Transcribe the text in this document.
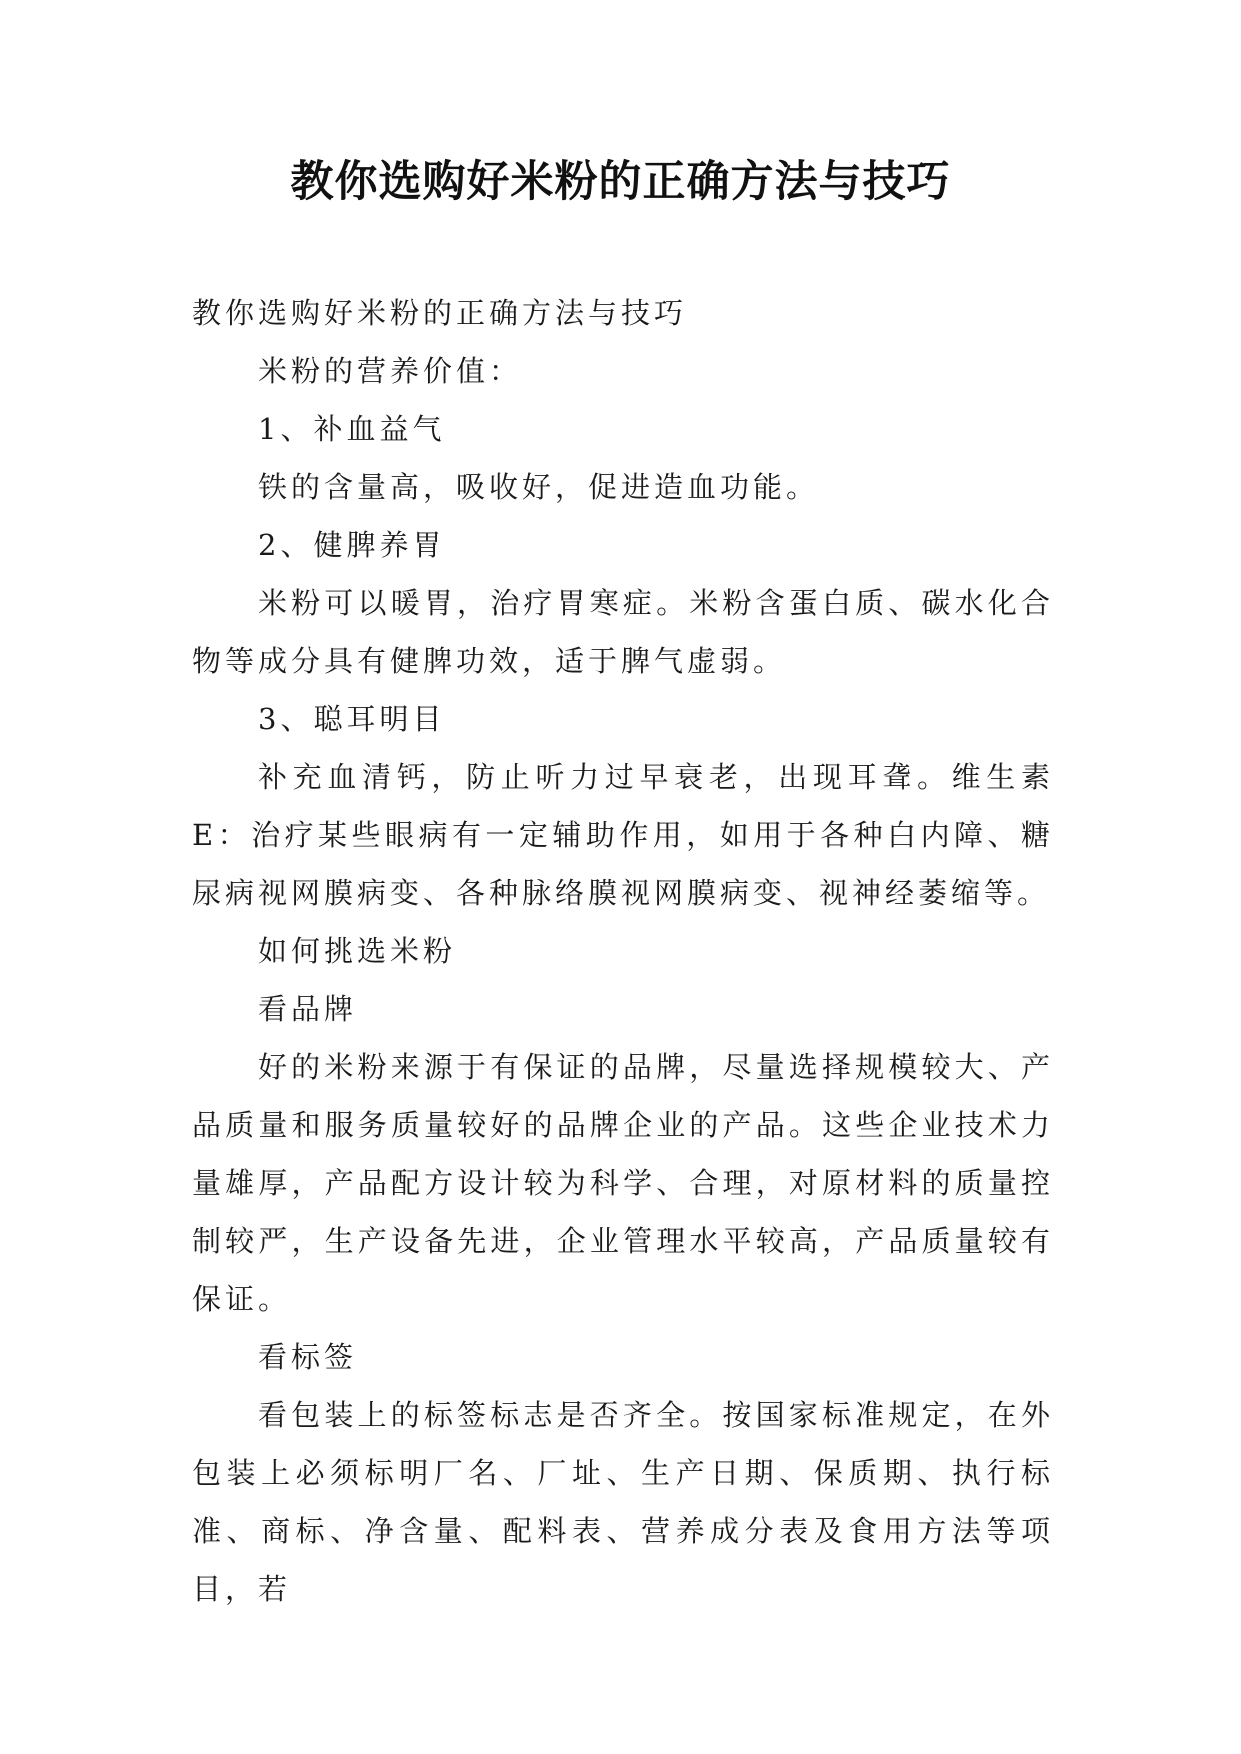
教你选购好米粉的正确方法与技巧

教你选购好米粉的正确方法与技巧

米粉的营养价值：

1、补血益气

铁的含量高，吸收好，促进造血功能。

2、健脾养胃

米粉可以暖胃，治疗胃寒症。米粉含蛋白质、碳水化合物等成分具有健脾功效，适于脾气虚弱。

3、聪耳明目

补充血清钙，防止听力过早衰老，出现耳聋。维生素E：治疗某些眼病有一定辅助作用，如用于各种白内障、糖尿病视网膜病变、各种脉络膜视网膜病变、视神经萎缩等。

如何挑选米粉

看品牌

好的米粉来源于有保证的品牌，尽量选择规模较大、产品质量和服务质量较好的品牌企业的产品。这些企业技术力量雄厚，产品配方设计较为科学、合理，对原材料的质量控制较严，生产设备先进，企业管理水平较高，产品质量较有保证。

看标签

看包装上的标签标志是否齐全。按国家标准规定，在外包装上必须标明厂名、厂址、生产日期、保质期、执行标准、商标、净含量、配料表、营养成分表及食用方法等项目，若
